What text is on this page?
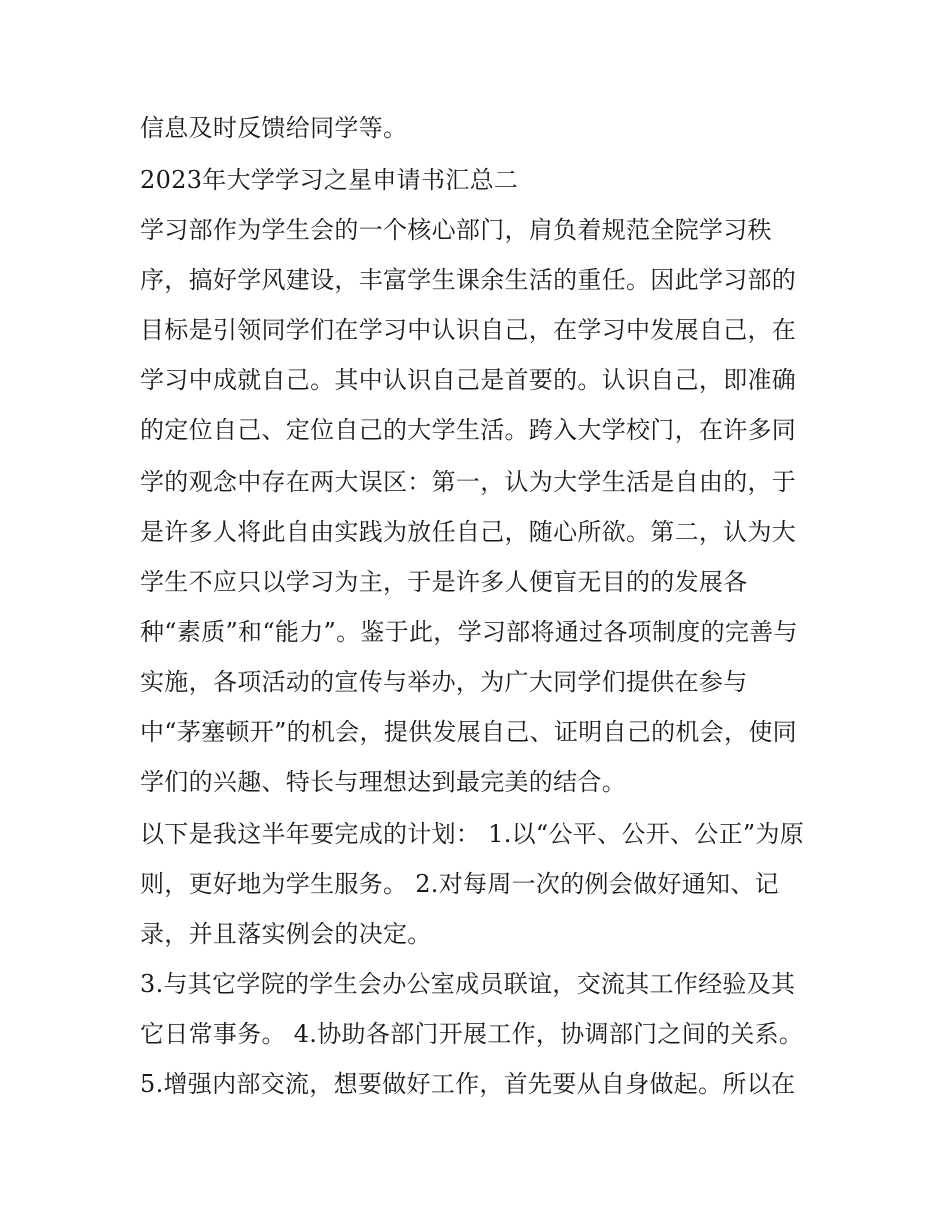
信息及时反馈给同学等。
2023年大学学习之星申请书汇总二
学习部作为学生会的一个核心部门，肩负着规范全院学习秩
序，搞好学风建设，丰富学生课余生活的重任。因此学习部的
目标是引领同学们在学习中认识自己，在学习中发展自己，在
学习中成就自己。其中认识自己是首要的。认识自己，即准确
的定位自己、定位自己的大学生活。跨入大学校门，在许多同
学的观念中存在两大误区：第一，认为大学生活是自由的，于
是许多人将此自由实践为放任自己，随心所欲。第二，认为大
学生不应只以学习为主，于是许多人便盲无目的的发展各
种“素质”和“能力”。鉴于此，学习部将通过各项制度的完善与
实施，各项活动的宣传与举办，为广大同学们提供在参与
中“茅塞顿开”的机会，提供发展自己、证明自己的机会，使同
学们的兴趣、特长与理想达到最完美的结合。
以下是我这半年要完成的计划： 1.以“公平、公开、公正”为原
则，更好地为学生服务。 2.对每周一次的例会做好通知、记
录，并且落实例会的决定。
3.与其它学院的学生会办公室成员联谊，交流其工作经验及其
它日常事务。 4.协助各部门开展工作，协调部门之间的关系。
5.增强内部交流，想要做好工作，首先要从自身做起。所以在
